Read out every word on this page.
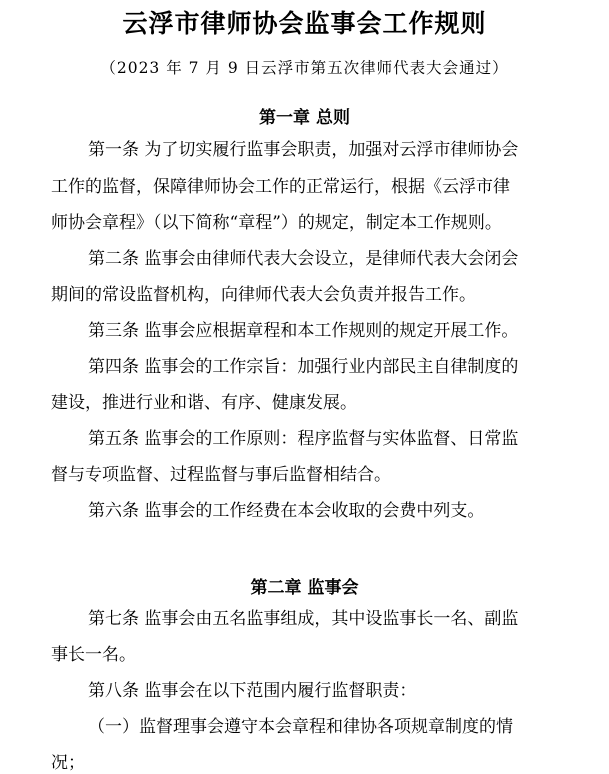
云浮市律师协会监事会工作规则
（2023 年 7 月 9 日云浮市第五次律师代表大会通过）
第一章 总则
第一条 为了切实履行监事会职责，加强对云浮市律师协会
工作的监督，保障律师协会工作的正常运行，根据《云浮市律
师协会章程》（以下简称“章程”）的规定，制定本工作规则。
第二条 监事会由律师代表大会设立，是律师代表大会闭会
期间的常设监督机构，向律师代表大会负责并报告工作。
第三条 监事会应根据章程和本工作规则的规定开展工作。
第四条 监事会的工作宗旨：加强行业内部民主自律制度的
建设，推进行业和谐、有序、健康发展。
第五条 监事会的工作原则：程序监督与实体监督、日常监
督与专项监督、过程监督与事后监督相结合。
第六条 监事会的工作经费在本会收取的会费中列支。
第二章 监事会
第七条 监事会由五名监事组成，其中设监事长一名、副监
事长一名。
第八条 监事会在以下范围内履行监督职责：
（一）监督理事会遵守本会章程和律协各项规章制度的情
况；
